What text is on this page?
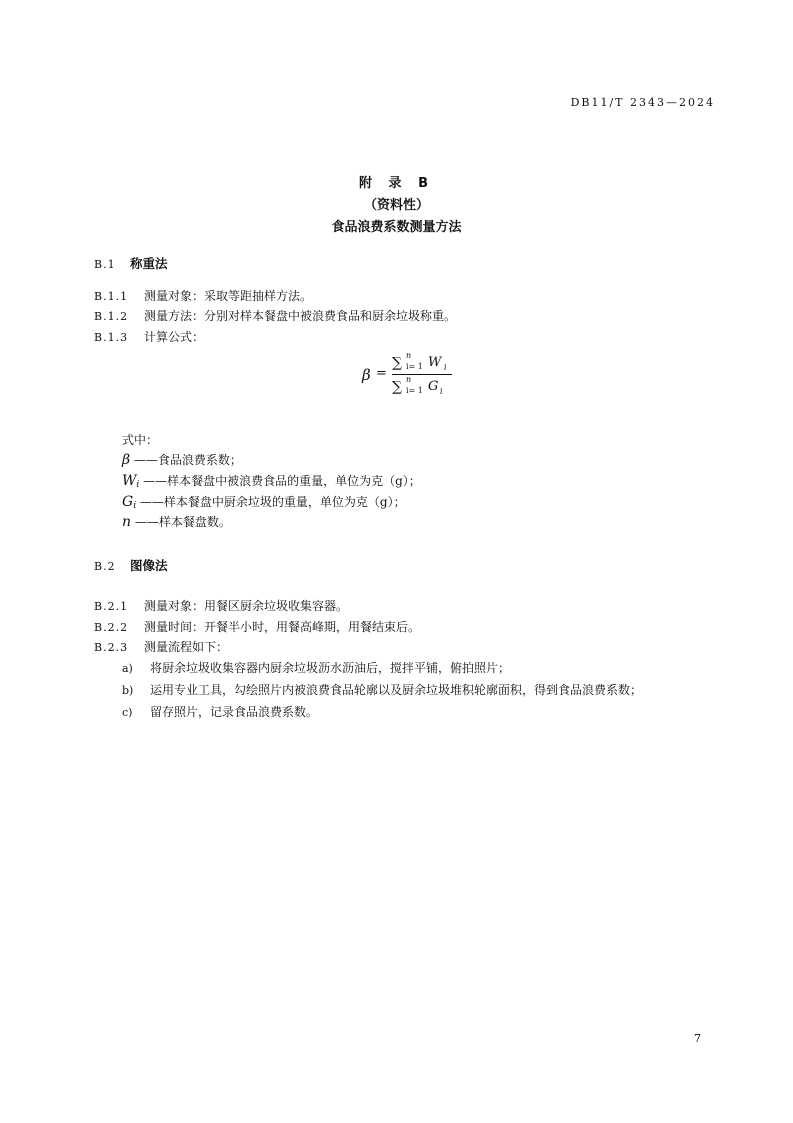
DB11/T 2343—2024
附 录 B
（资料性）
食品浪费系数测量方法
B.1 称重法
B.1.1 测量对象：采取等距抽样方法。
B.1.2 测量方法：分别对样本餐盘中被浪费食品和厨余垃圾称重。
B.1.3 计算公式：
β =
∑ n
i= 1 W i
∑ n
i= 1 G i
式中：
β ——食品浪费系数；
Wi ——样本餐盘中被浪费食品的重量，单位为克（g）；
Gi ——样本餐盘中厨余垃圾的重量，单位为克（g）；
n ——样本餐盘数。
B.2 图像法
B.2.1 测量对象：用餐区厨余垃圾收集容器。
B.2.2 测量时间：开餐半小时，用餐高峰期，用餐结束后。
B.2.3 测量流程如下：
a) 将厨余垃圾收集容器内厨余垃圾沥水沥油后，搅拌平铺，俯拍照片；
b) 运用专业工具，勾绘照片内被浪费食品轮廓以及厨余垃圾堆积轮廓面积，得到食品浪费系数；
c) 留存照片，记录食品浪费系数。
7
